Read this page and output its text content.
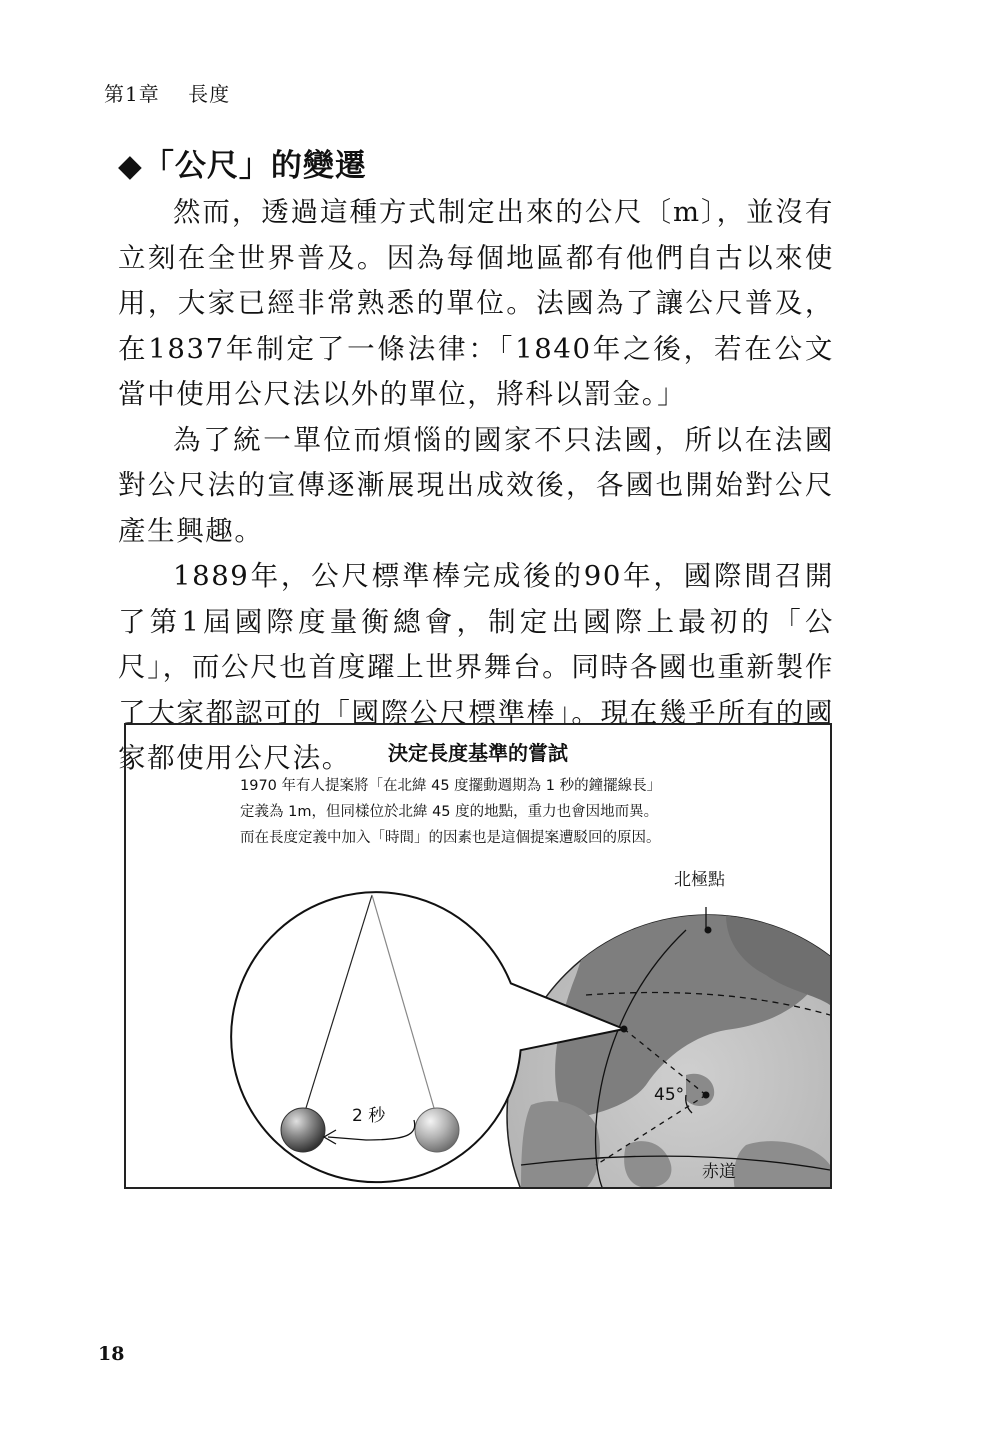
第1章　 長度
◆「公尺」的變遷

然而，透過這種方式制定出來的公尺〔m〕，並沒有立刻在全世界普及。因為每個地區都有他們自古以來使用，大家已經非常熟悉的單位。法國為了讓公尺普及，在1837年制定了一條法律：「1840年之後，若在公文當中使用公尺法以外的單位，將科以罰金。」

為了統一單位而煩惱的國家不只法國，所以在法國對公尺法的宣傳逐漸展現出成效後，各國也開始對公尺產生興趣。

1889年，公尺標準棒完成後的90年，國際間召開了第1屆國際度量衡總會，制定出國際上最初的「公尺」，而公尺也首度躍上世界舞台。同時各國也重新製作了大家都認可的「國際公尺標準棒」。現在幾乎所有的國家都使用公尺法。	決定長度基準的嘗試
1970 年有人提案將「在北緯 45 度擺動週期為 1 秒的鐘擺線長」
定義為 1m，但同樣位於北緯 45 度的地點，重力也會因地而異。
而在長度定義中加入「時間」的因素也是這個提案遭駁回的原因。
北極點
45°
2 秒
赤道
18
